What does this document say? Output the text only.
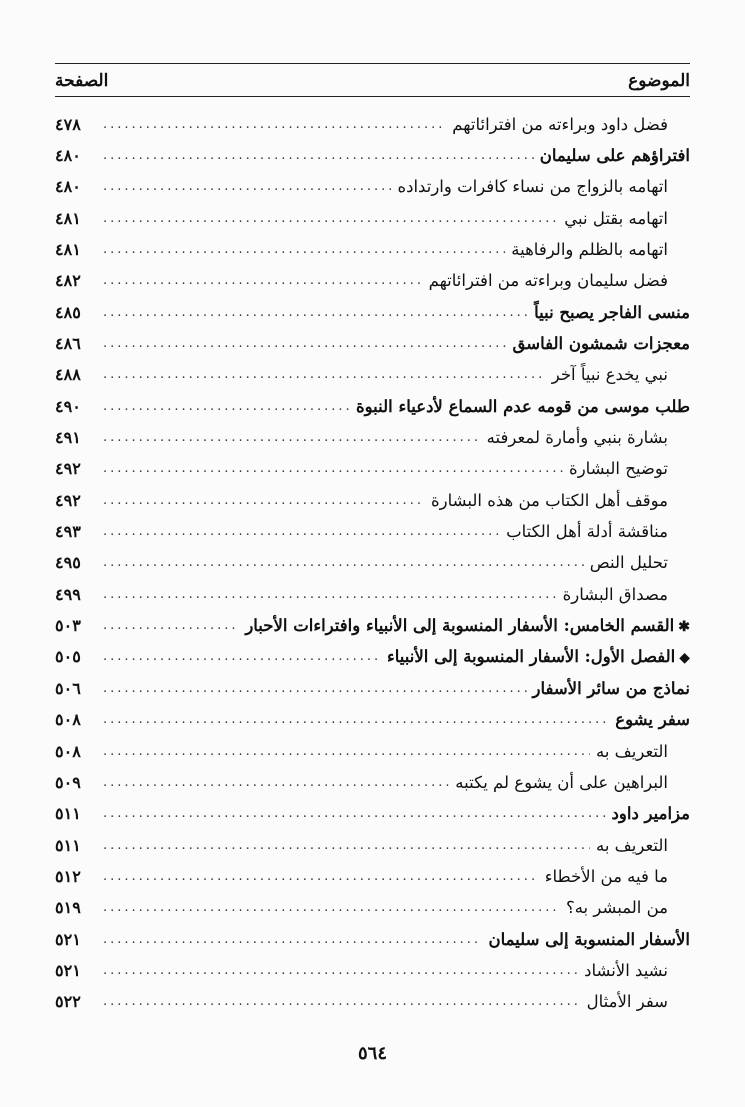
الموضوع
الصفحة
فضل داود وبراءته من افترائاتهم
.....
٤٧٨
افتراؤهم على سليمان
.....
٤٨٠
اتهامه بالزواج من نساء كافرات وارتداده
.....
٤٨٠
اتهامه بقتل نبي
.....
٤٨١
اتهامه بالظلم والرفاهية
.....
٤٨١
فضل سليمان وبراءته من افترائاتهم
.....
٤٨٢
منسى الفاجر يصبح نبياً
.....
٤٨٥
معجزات شمشون الفاسق
.....
٤٨٦
نبي يخدع نبياً آخر
.....
٤٨٨
طلب موسى من قومه عدم السماع لأدعياء النبوة
.....
٤٩٠
بشارة بنبي وأمارة لمعرفته
.....
٤٩١
توضيح البشارة
.....
٤٩٢
موقف أهل الكتاب من هذه البشارة
.....
٤٩٢
مناقشة أدلة أهل الكتاب
.....
٤٩٣
تحليل النص
.....
٤٩٥
مصداق البشارة
.....
٤٩٩
✱القسم الخامس: الأسفار المنسوبة إلى الأنبياء وافتراءات الأحبار
.....
٥٠٣
◆الفصل الأول: الأسفار المنسوبة إلى الأنبياء
.....
٥٠٥
نماذج من سائر الأسفار
.....
٥٠٦
سفر يشوع
.....
٥٠٨
التعريف به
.....
٥٠٨
البراهين على أن يشوع لم يكتبه
.....
٥٠٩
مزامير داود
.....
٥١١
التعريف به
.....
٥١١
ما فيه من الأخطاء
.....
٥١٢
من المبشر به؟
.....
٥١٩
الأسفار المنسوبة إلى سليمان
.....
٥٢١
نشيد الأنشاد
.....
٥٢١
سفر الأمثال
.....
٥٢٢
٥٦٤
